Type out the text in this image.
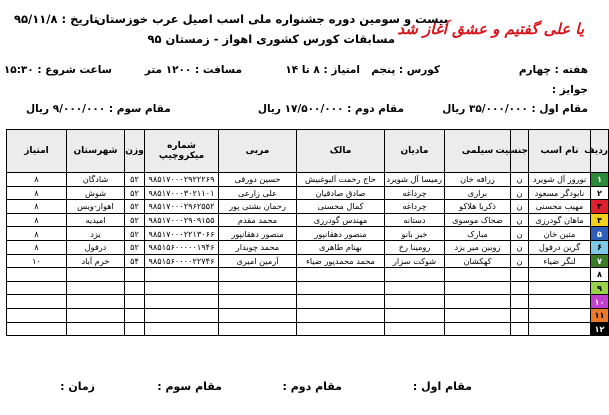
یا علی گفتیم و عشق آغاز شد
بیست و سومین دوره جشنواره ملی اسب اصیل عرب خوزستان
مسابقات کورس کشوری اهواز - زمستان ۹۵
تاریخ : ۹۵/۱۱/۸
هفته : چهارم
کورس : پنجم
امتیاز : ۸ تا ۱۴
مسافت : ۱۲۰۰ متر
ساعت شروع : ۱۵:۳۰
جوایز :
مقام اول : ۳۵/۰۰۰/۰۰۰ ریال
مقام دوم : ۱۷/۵۰۰/۰۰۰ ریال
مقام سوم : ۹/۰۰۰/۰۰۰ ریال
ردیف	نام اسب	جنسیت	سیلمی	مادیان	مالک	مربی	شماره میکروچیپ	وزن	شهرستان	امتیاز
۱	نوروز آل شویرد	ن	زرافه خان	رمیسا آل شویرد	حاج رحمت آلبوغبیش	حسین دورقی	۹۸۵۱۷۰۰۰۲۹۲۲۲۶۹	۵۲	شادگان	۸
۲	نابودگر مسعود	ن	براری	چرداغه	صادق صادقیان	علی زارعی	۹۸۵۱۷۰۰۰۳۰۲۱۱۰۱	۵۲	شوش	۸
۳	مهیب محسنی	ن	ذکریا هلاکو	چرداغه	کمال محسنی	رحمان بشتی پور	۹۸۵۱۷۰۰۰۲۹۶۲۵۵۲	۵۲	اهواز-ویس	۸
۴	ماهان گودرزی	ن	ضحاک موسوی	دستانه	مهندس گودرزی	محمد مقدم	۹۸۵۱۷۰۰۰۲۹۰۹۱۵۵	۵۲	امیدیه	۸
۵	متین خان	ن	مبارک	خیر بانو	منصور دهقانپور	منصور دهقانپور	۹۸۵۱۷۰۰۰۲۲۱۳۰۶۶	۵۲	یزد	۸
۶	گرین درفول	ن	زوبین میر یزد	رومینا رخ	بهنام طاهری	محمد چوبدار	۹۸۵۱۵۶۰۰۰۰۰۱۹۴۶	۵۲	درفول	۸
۷	لنگر ضیاء	ن	کهکشان	شوکت سزار	محمد محمدپور ضیاء	آرمین امیری	۹۸۵۱۵۶۰۰۰۰۲۲۷۴۶	۵۴	خرم آباد	۱۰
۸										
۹										
۱۰										
۱۱										
۱۲										
مقام اول :
مقام دوم :
مقام سوم :
زمان :
